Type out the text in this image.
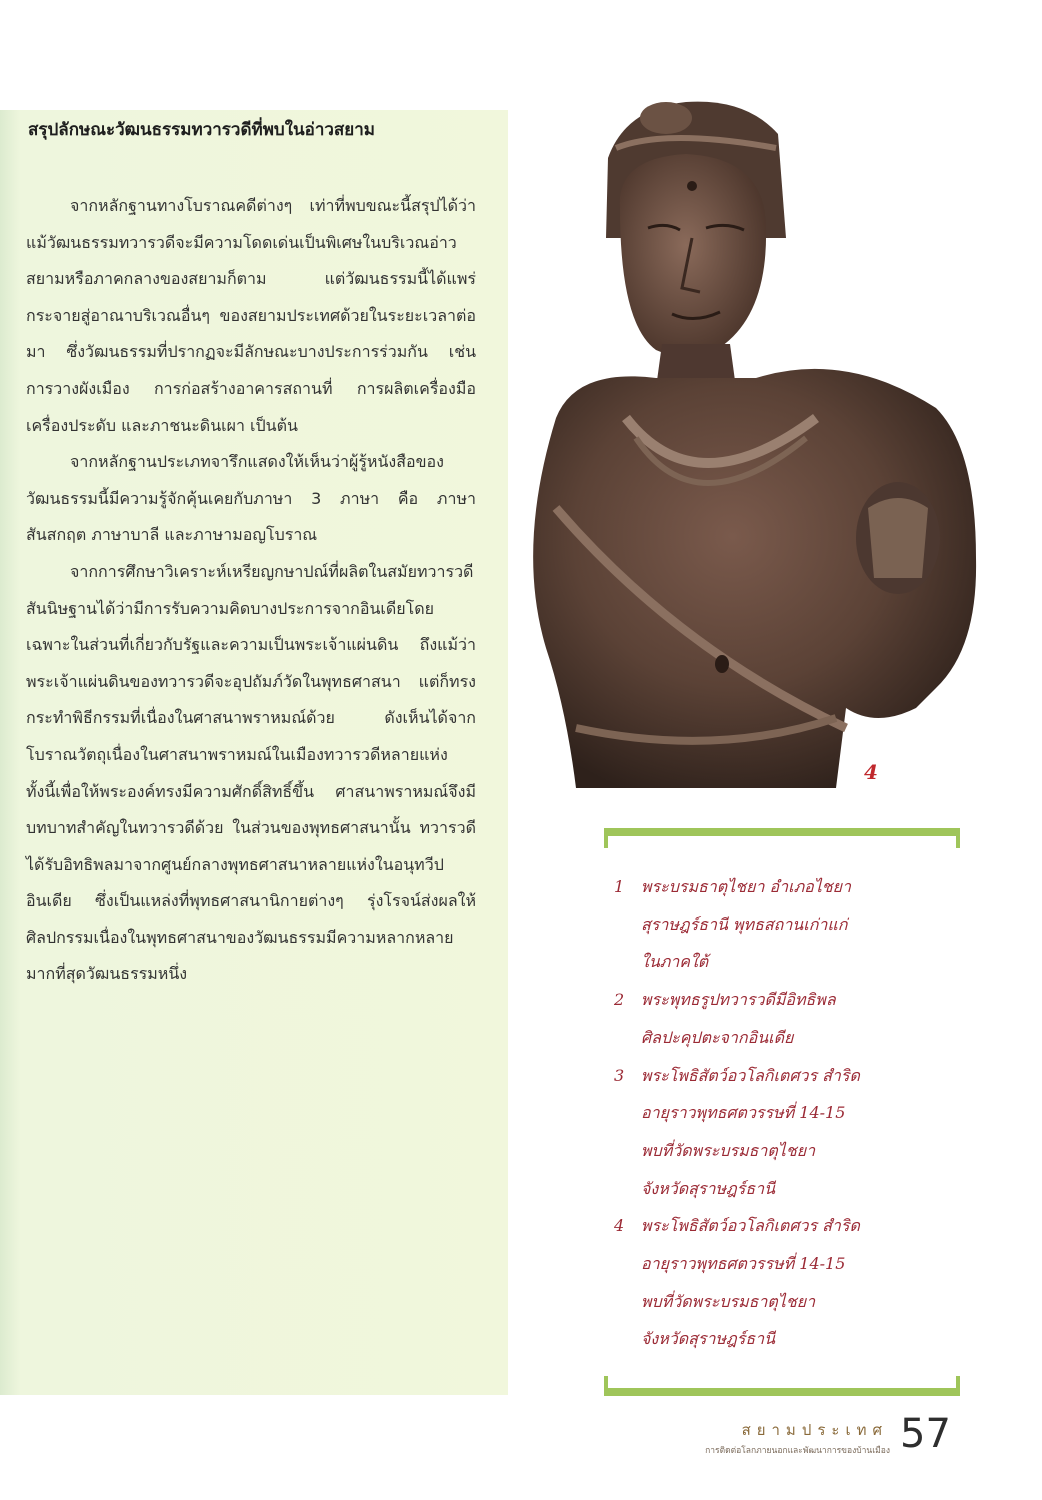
สรุปลักษณะวัฒนธรรมทวารวดีที่พบในอ่าวสยาม

จากหลักฐานทางโบราณคดีต่างๆ เท่าที่พบขณะนี้สรุปได้ว่า แม้วัฒนธรรมทวารวดีจะมีความโดดเด่นเป็นพิเศษในบริเวณอ่าวสยามหรือภาคกลางของสยามก็ตาม แต่วัฒนธรรมนี้ได้แพร่กระจายสู่อาณาบริเวณอื่นๆ ของสยามประเทศด้วยในระยะเวลาต่อมา ซึ่งวัฒนธรรมที่ปรากฏจะมีลักษณะบางประการร่วมกัน เช่น การวางผังเมือง การก่อสร้างอาคารสถานที่ การผลิตเครื่องมือ เครื่องประดับ และภาชนะดินเผา เป็นต้น

จากหลักฐานประเภทจารึกแสดงให้เห็นว่าผู้รู้หนังสือของวัฒนธรรมนี้มีความรู้จักคุ้นเคยกับภาษา 3 ภาษา คือ ภาษาสันสกฤต ภาษาบาลี และภาษามอญโบราณ

จากการศึกษาวิเคราะห์เหรียญกษาปณ์ที่ผลิตในสมัยทวารวดี สันนิษฐานได้ว่ามีการรับความคิดบางประการจากอินเดียโดยเฉพาะในส่วนที่เกี่ยวกับรัฐและความเป็นพระเจ้าแผ่นดิน ถึงแม้ว่าพระเจ้าแผ่นดินของทวารวดีจะอุปถัมภ์วัดในพุทธศาสนา แต่ก็ทรงกระทำพิธีกรรมที่เนื่องในศาสนาพราหมณ์ด้วย ดังเห็นได้จากโบราณวัตถุเนื่องในศาสนาพราหมณ์ในเมืองทวารวดีหลายแห่ง ทั้งนี้เพื่อให้พระองค์ทรงมีความศักดิ์สิทธิ์ขึ้น ศาสนาพราหมณ์จึงมีบทบาทสำคัญในทวารวดีด้วย ในส่วนของพุทธศาสนานั้น ทวารวดีได้รับอิทธิพลมาจากศูนย์กลางพุทธศาสนาหลายแห่งในอนุทวีปอินเดีย ซึ่งเป็นแหล่งที่พุทธศาสนานิกายต่างๆ รุ่งโรจน์ส่งผลให้ศิลปกรรมเนื่องในพุทธศาสนาของวัฒนธรรมมีความหลากหลายมากที่สุดวัฒนธรรมหนึ่ง

4
1	พระบรมธาตุไชยา อำเภอไชยา
สุราษฎร์ธานี พุทธสถานเก่าแก่
ในภาคใต้
2	พระพุทธรูปทวารวดีมีอิทธิพล
ศิลปะคุปตะจากอินเดีย
3	พระโพธิสัตว์อวโลกิเตศวร สำริด
อายุราวพุทธศตวรรษที่ 14-15
พบที่วัดพระบรมธาตุไชยา
จังหวัดสุราษฎร์ธานี
4	พระโพธิสัตว์อวโลกิเตศวร สำริด
อายุราวพุทธศตวรรษที่ 14-15
พบที่วัดพระบรมธาตุไชยา
จังหวัดสุราษฎร์ธานี
สยามประเทศ
การติดต่อโลกภายนอกและพัฒนาการของบ้านเมือง 57
